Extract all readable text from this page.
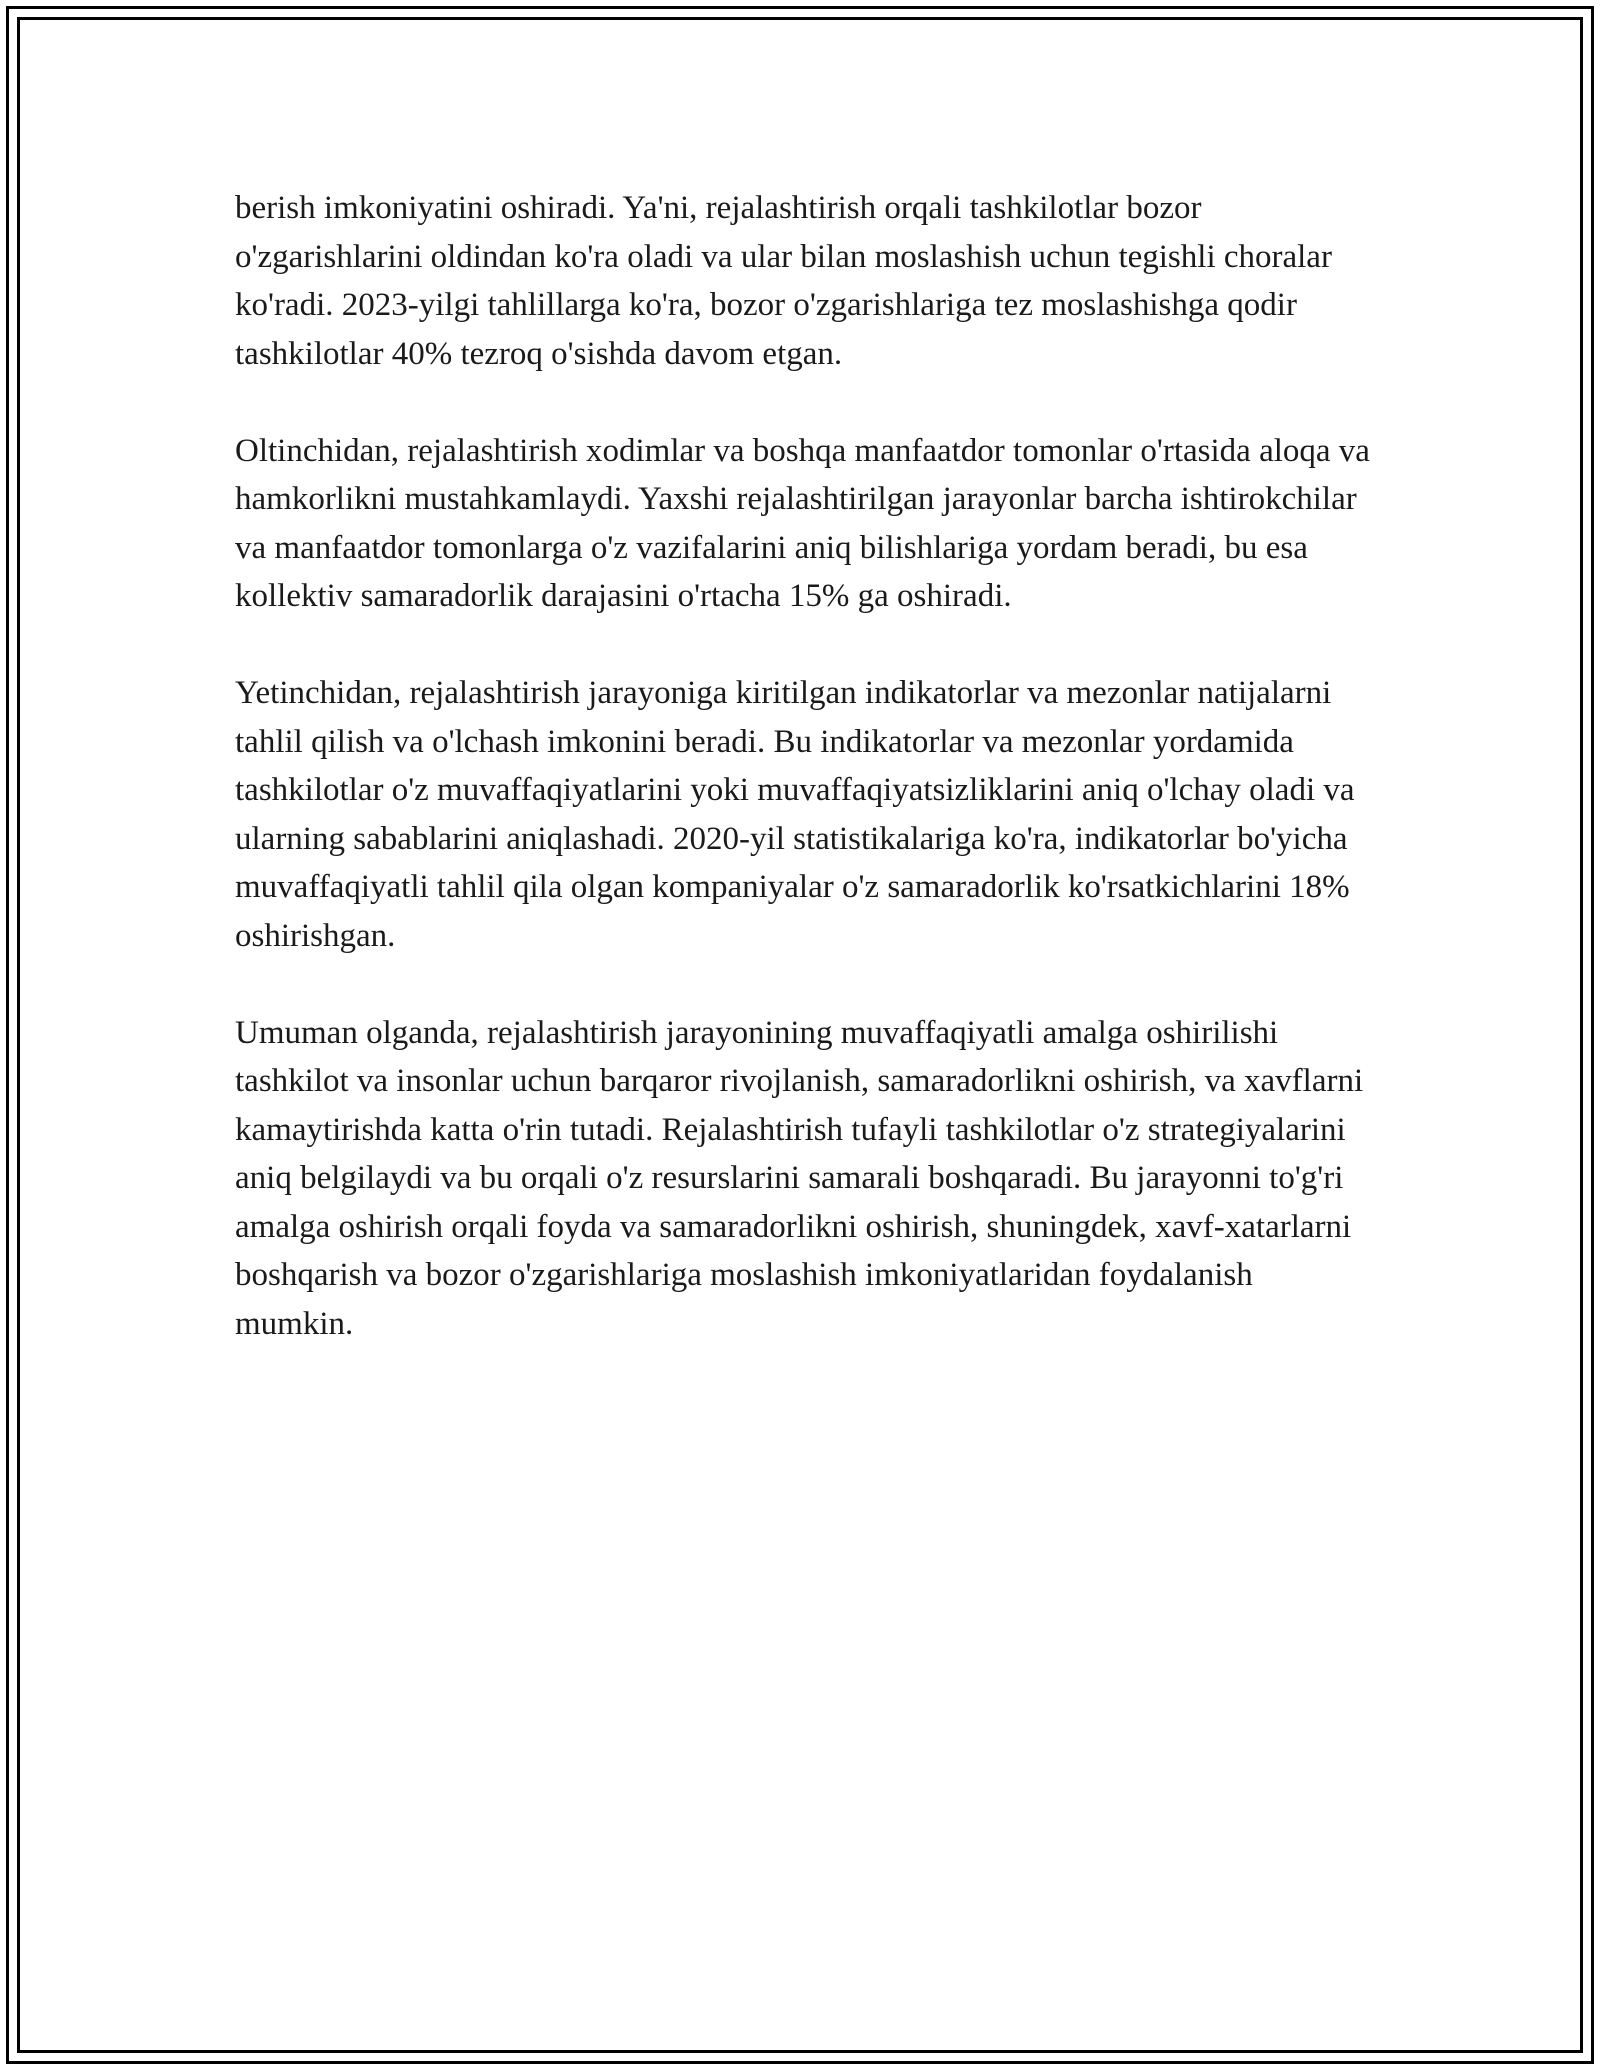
berish imkoniyatini oshiradi. Ya'ni, rejalashtirish orqali tashkilotlar bozor o'zgarishlarini oldindan ko'ra oladi va ular bilan moslashish uchun tegishli choralar ko'radi. 2023-yilgi tahlillarga ko'ra, bozor o'zgarishlariga tez moslashishga qodir tashkilotlar 40% tezroq o'sishda davom etgan.

Oltinchidan, rejalashtirish xodimlar va boshqa manfaatdor tomonlar o'rtasida aloqa va hamkorlikni mustahkamlaydi. Yaxshi rejalashtirilgan jarayonlar barcha ishtirokchilar va manfaatdor tomonlarga o'z vazifalarini aniq bilishlariga yordam beradi, bu esa kollektiv samaradorlik darajasini o'rtacha 15% ga oshiradi.

Yetinchidan, rejalashtirish jarayoniga kiritilgan indikatorlar va mezonlar natijalarni tahlil qilish va o'lchash imkonini beradi. Bu indikatorlar va mezonlar yordamida tashkilotlar o'z muvaffaqiyatlarini yoki muvaffaqiyatsizliklarini aniq o'lchay oladi va ularning sabablarini aniqlashadi. 2020-yil statistikalariga ko'ra, indikatorlar bo'yicha muvaffaqiyatli tahlil qila olgan kompaniyalar o'z samaradorlik ko'rsatkichlarini 18% oshirishgan.

Umuman olganda, rejalashtirish jarayonining muvaffaqiyatli amalga oshirilishi tashkilot va insonlar uchun barqaror rivojlanish, samaradorlikni oshirish, va xavflarni kamaytirishda katta o'rin tutadi. Rejalashtirish tufayli tashkilotlar o'z strategiyalarini aniq belgilaydi va bu orqali o'z resurslarini samarali boshqaradi. Bu jarayonni to'g'ri amalga oshirish orqali foyda va samaradorlikni oshirish, shuningdek, xavf-xatarlarni boshqarish va bozor o'zgarishlariga moslashish imkoniyatlaridan foydalanish mumkin.
